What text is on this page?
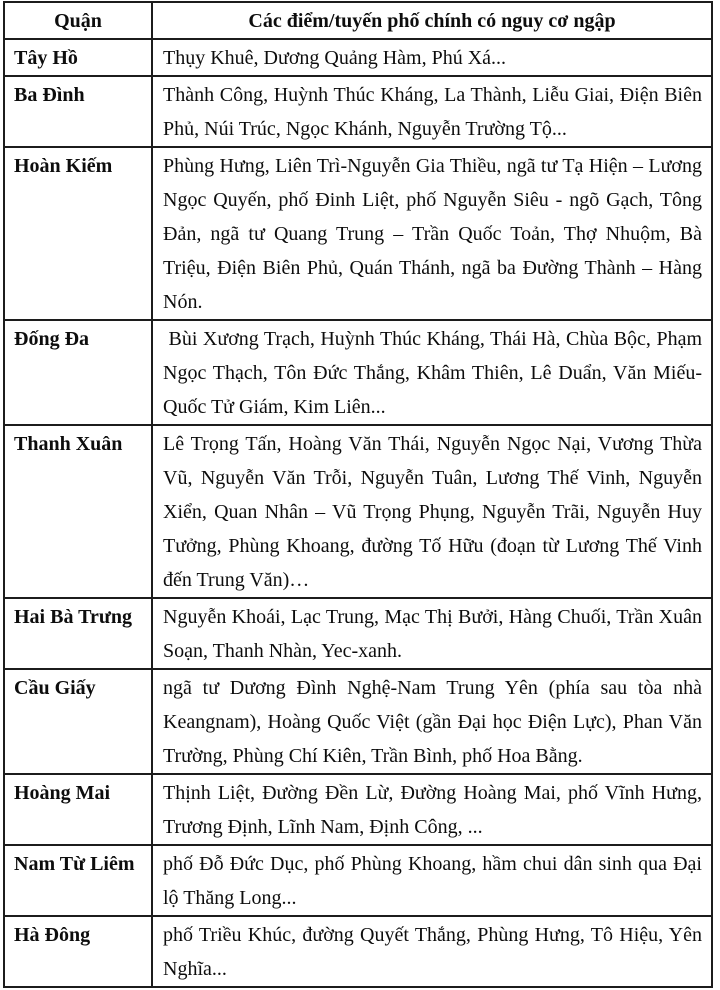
Quận	Các điểm/tuyến phố chính có nguy cơ ngập
Tây Hồ	Thụy Khuê, Dương Quảng Hàm, Phú Xá...
Ba Đình	Thành Công, Huỳnh Thúc Kháng, La Thành, Liễu Giai, Điện Biên Phủ, Núi Trúc, Ngọc Khánh, Nguyễn Trường Tộ...
Hoàn Kiếm	Phùng Hưng, Liên Trì-Nguyễn Gia Thiều, ngã tư Tạ Hiện – Lương Ngọc Quyến, phố Đinh Liệt, phố Nguyễn Siêu - ngõ Gạch, Tông Đản, ngã tư Quang Trung – Trần Quốc Toản, Thợ Nhuộm, Bà Triệu, Điện Biên Phủ, Quán Thánh, ngã ba Đường Thành – Hàng Nón.
Đống Đa	Bùi Xương Trạch, Huỳnh Thúc Kháng, Thái Hà, Chùa Bộc, Phạm Ngọc Thạch, Tôn Đức Thắng, Khâm Thiên, Lê Duẩn, Văn Miếu-Quốc Tử Giám, Kim Liên...
Thanh Xuân	Lê Trọng Tấn, Hoàng Văn Thái, Nguyễn Ngọc Nại, Vương Thừa Vũ, Nguyễn Văn Trỗi, Nguyễn Tuân, Lương Thế Vinh, Nguyễn Xiển, Quan Nhân – Vũ Trọng Phụng, Nguyễn Trãi, Nguyễn Huy Tưởng, Phùng Khoang, đường Tố Hữu (đoạn từ Lương Thế Vinh đến Trung Văn)…
Hai Bà Trưng	Nguyễn Khoái, Lạc Trung, Mạc Thị Bưởi, Hàng Chuối, Trần Xuân Soạn, Thanh Nhàn, Yec-xanh.
Cầu Giấy	ngã tư Dương Đình Nghệ-Nam Trung Yên (phía sau tòa nhà Keangnam), Hoàng Quốc Việt (gần Đại học Điện Lực), Phan Văn Trường, Phùng Chí Kiên, Trần Bình, phố Hoa Bằng.
Hoàng Mai	Thịnh Liệt, Đường Đền Lừ, Đường Hoàng Mai, phố Vĩnh Hưng, Trương Định, Lĩnh Nam, Định Công, ...
Nam Từ Liêm	phố Đỗ Đức Dục, phố Phùng Khoang, hầm chui dân sinh qua Đại lộ Thăng Long...
Hà Đông	phố Triều Khúc, đường Quyết Thắng, Phùng Hưng, Tô Hiệu, Yên Nghĩa...
